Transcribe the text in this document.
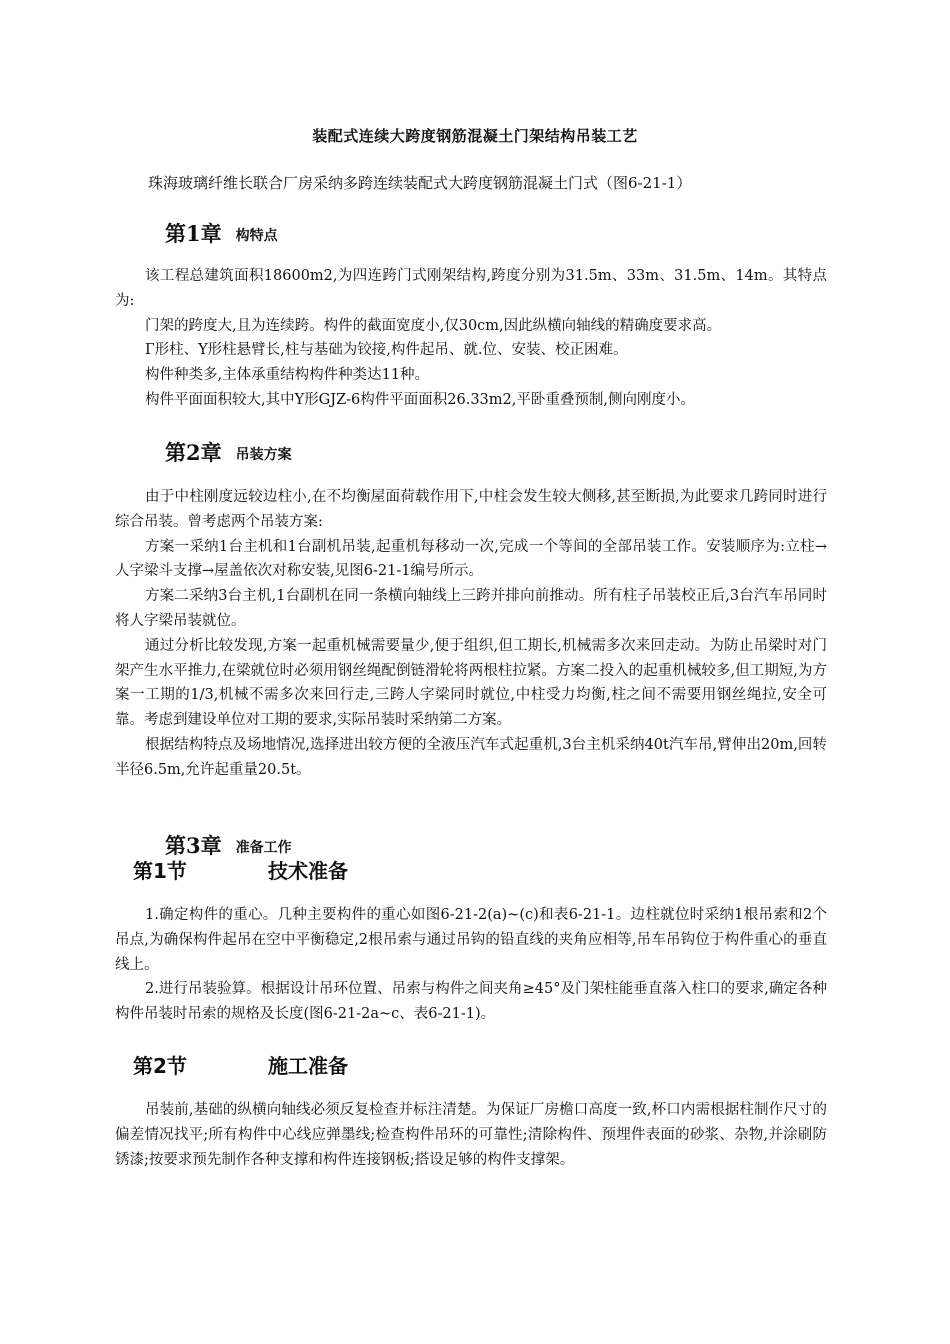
装配式连续大跨度钢筋混凝土门架结构吊装工艺
珠海玻璃纤维长联合厂房采纳多跨连续装配式大跨度钢筋混凝土门式（图6-21-1）
第1章 构特点

该工程总建筑面积18600m2,为四连跨门式刚架结构,跨度分别为31.5m、33m、31.5m、14m。其特点为:

门架的跨度大,且为连续跨。构件的截面宽度小,仅30cm,因此纵横向轴线的精确度要求高。

Г形柱、Y形柱悬臂长,柱与基础为铰接,构件起吊、就.位、安装、校正困难。

构件种类多,主体承重结构构件种类达11种。

构件平面面积较大,其中Y形GJZ-6构件平面面积26.33m2,平卧重叠预制,侧向刚度小。

第2章 吊装方案

由于中柱刚度远较边柱小,在不均衡屋面荷载作用下,中柱会发生较大侧移,甚至断损,为此要求几跨同时进行综合吊装。曾考虑两个吊装方案:

方案一采纳1台主机和1台副机吊装,起重机每移动一次,完成一个等间的全部吊装工作。安装顺序为:立柱→人字梁斗支撑→屋盖依次对称安装,见图6-21-1编号所示。

方案二采纳3台主机,1台副机在同一条横向轴线上三跨并排向前推动。所有柱子吊装校正后,3台汽车吊同时将人字梁吊装就位。

通过分析比较发现,方案一起重机械需要量少,便于组织,但工期长,机械需多次来回走动。为防止吊梁时对门架产生水平推力,在梁就位时必须用钢丝绳配倒链滑轮将两根柱拉紧。方案二投入的起重机械较多,但工期短,为方案一工期的1/3,机械不需多次来回行走,三跨人字梁同时就位,中柱受力均衡,柱之间不需要用钢丝绳拉,安全可靠。考虑到建设单位对工期的要求,实际吊装时采纳第二方案。

根据结构特点及场地情况,选择进出较方便的全液压汽车式起重机,3台主机采纳40t汽车吊,臂伸出20m,回转半径6.5m,允许起重量20.5t。

第3章 准备工作
第1节	技术准备

1.确定构件的重心。几种主要构件的重心如图6-21-2(a)~(c)和表6-21-1。边柱就位时采纳1根吊索和2个吊点,为确保构件起吊在空中平衡稳定,2根吊索与通过吊钩的铅直线的夹角应相等,吊车吊钩位于构件重心的垂直线上。

2.进行吊装验算。根据设计吊环位置、吊索与构件之间夹角≥45°及门架柱能垂直落入柱口的要求,确定各种构件吊装时吊索的规格及长度(图6-21-2a~c、表6-21-1)。

第2节	施工准备

吊装前,基础的纵横向轴线必须反复检查并标注清楚。为保证厂房檐口高度一致,杯口内需根据柱制作尺寸的偏差情况找平;所有构件中心线应弹墨线;检查构件吊环的可靠性;清除构件、预埋件表面的砂浆、杂物,并涂刷防锈漆;按要求预先制作各种支撑和构件连接钢板;搭设足够的构件支撑架。
